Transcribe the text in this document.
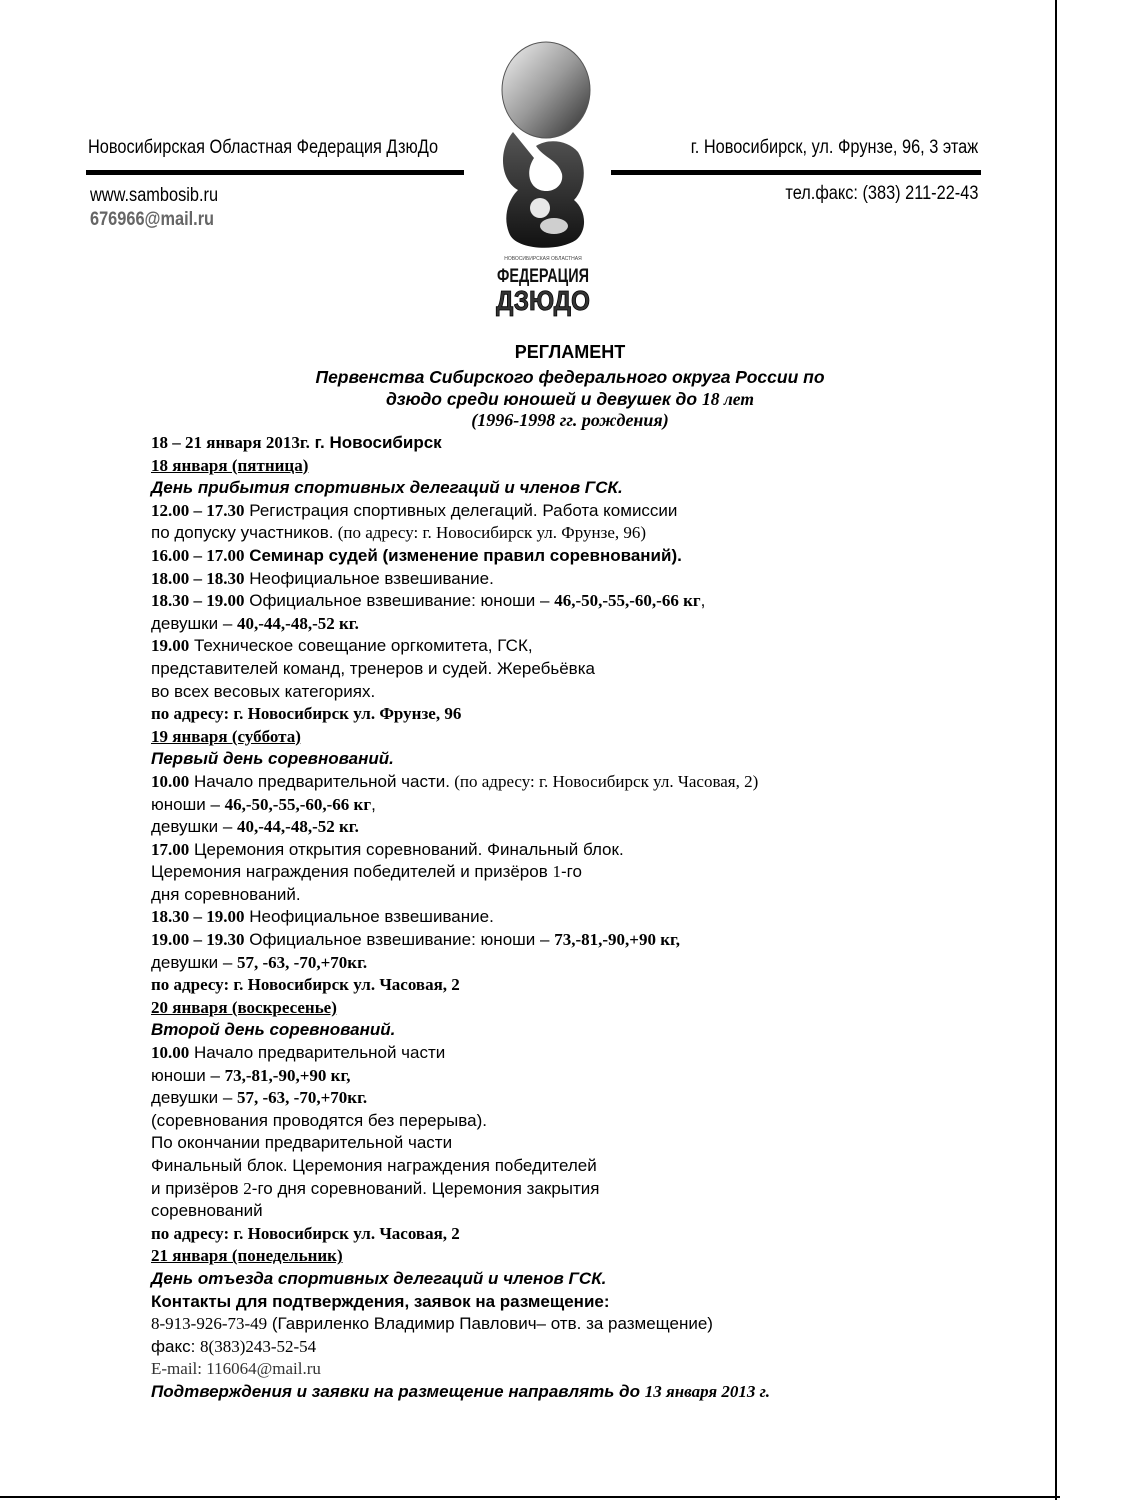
Новосибирская Областная Федерация ДзюДо	г. Новосибирск, ул. Фрунзе, 96, 3 этаж
www.sambosib.ru
676966@mail.ru
тел.факс: (383) 211-22-43
НОВОСИБИРСКАЯ ОБЛАСТНАЯ
ФЕДЕРАЦИЯ
ДЗЮДО
РЕГЛАМЕНТ
Первенства Сибирского федерального округа России по
дзюдо среди юношей и девушек до 18 лет
(1996-1998 гг. рождения)
18 – 21 января 2013г. г. Новосибирск
18 января (пятница)
День прибытия спортивных делегаций и членов ГСК.
12.00 – 17.30 Регистрация спортивных делегаций. Работа комиссии
по допуску участников. (по адресу: г. Новосибирск ул. Фрунзе, 96)
16.00 – 17.00 Семинар судей (изменение правил соревнований).
18.00 – 18.30 Неофициальное взвешивание.
18.30 – 19.00 Официальное взвешивание: юноши – 46,-50,-55,-60,-66 кг,
девушки – 40,-44,-48,-52 кг.
19.00 Техническое совещание оргкомитета, ГСК,
представителей команд, тренеров и судей. Жеребьёвка
во всех весовых категориях.
по адресу: г. Новосибирск ул. Фрунзе, 96
19 января (суббота)
Первый день соревнований.
10.00 Начало предварительной части. (по адресу: г. Новосибирск ул. Часовая, 2)
юноши – 46,-50,-55,-60,-66 кг,
девушки – 40,-44,-48,-52 кг.
17.00 Церемония открытия соревнований. Финальный блок.
Церемония награждения победителей и призёров 1-го
дня соревнований.
18.30 – 19.00 Неофициальное взвешивание.
19.00 – 19.30 Официальное взвешивание: юноши – 73,-81,-90,+90 кг,
девушки – 57, -63, -70,+70кг.
по адресу: г. Новосибирск ул. Часовая, 2
20 января (воскресенье)
Второй день соревнований.
10.00 Начало предварительной части
юноши – 73,-81,-90,+90 кг,
девушки – 57, -63, -70,+70кг.
(соревнования проводятся без перерыва).
По окончании предварительной части
Финальный блок. Церемония награждения победителей
и призёров 2-го дня соревнований. Церемония закрытия
соревнований
по адресу: г. Новосибирск ул. Часовая, 2
21 января (понедельник)
День отъезда спортивных делегаций и членов ГСК.
Контакты для подтверждения, заявок на размещение:
8-913-926-73-49 (Гавриленко Владимир Павлович– отв. за размещение)
факс: 8(383)243-52-54
E-mail: 116064@mail.ru
Подтверждения и заявки на размещение направлять до 13 января 2013 г.
